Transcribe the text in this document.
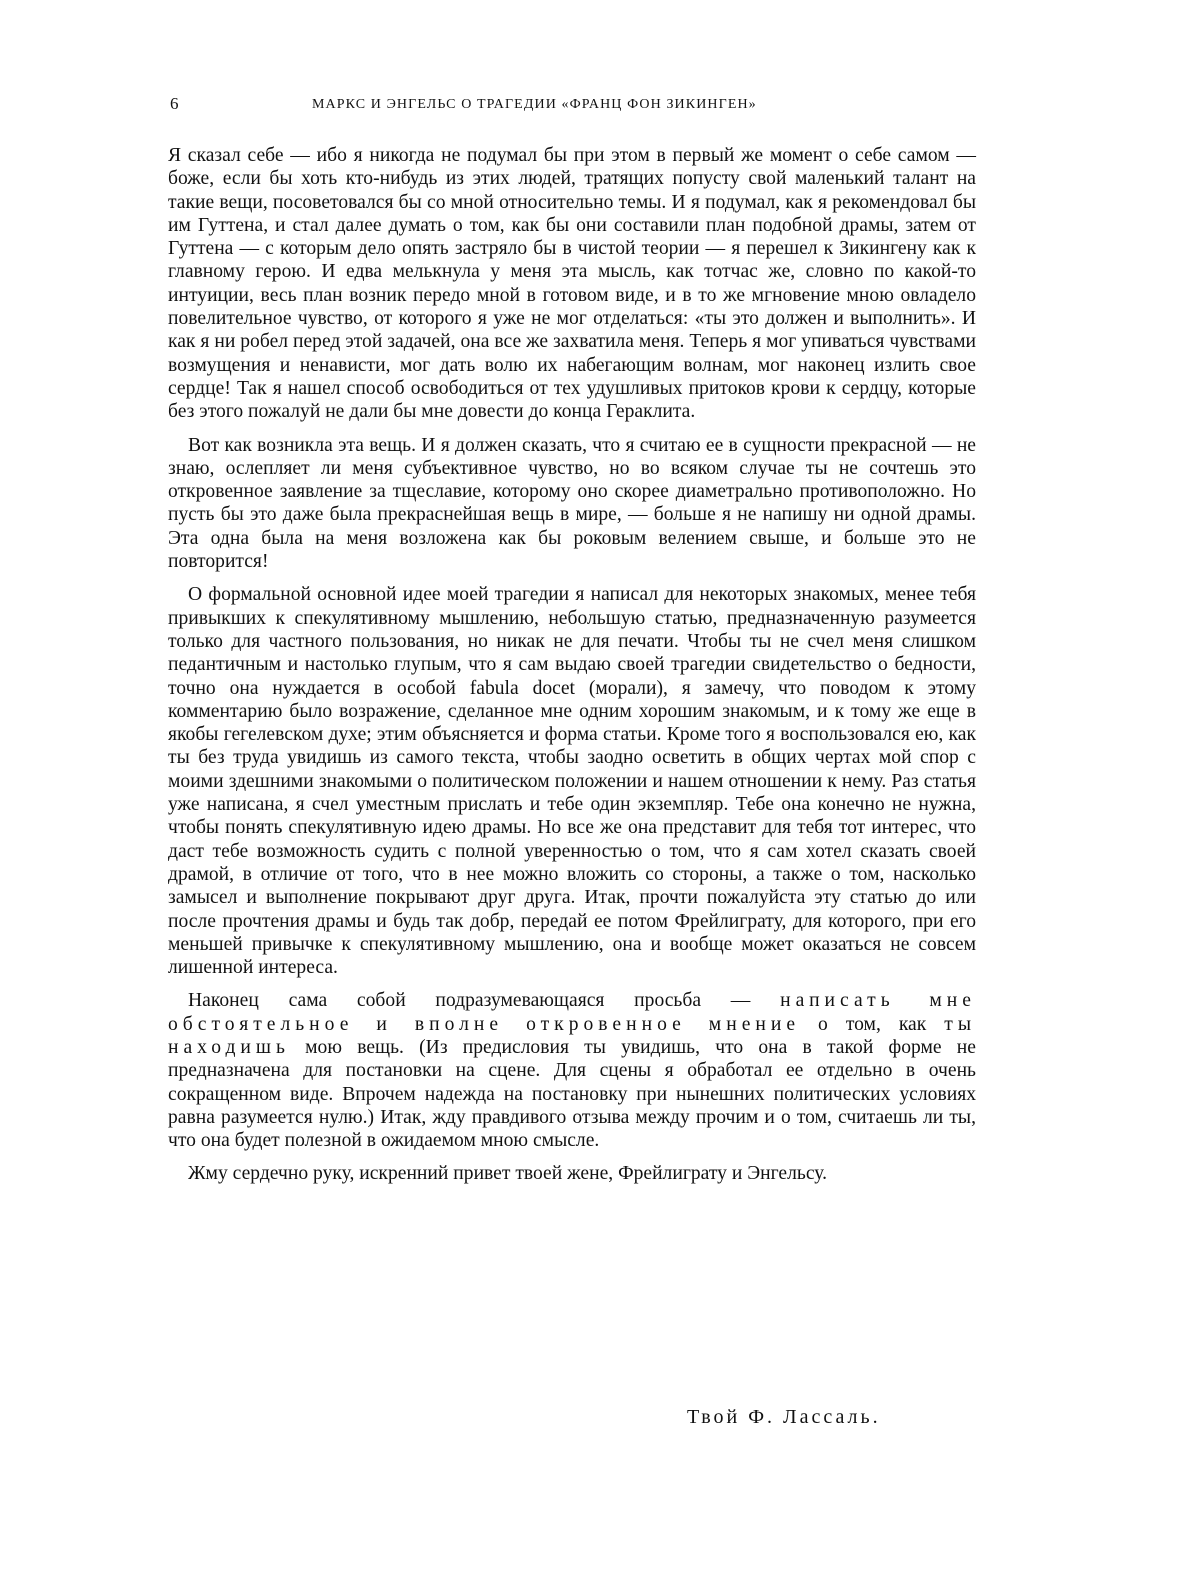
6	МАРКС И ЭНГЕЛЬС О ТРАГЕДИИ «ФРАНЦ ФОН ЗИКИНГЕН»

Я сказал себе — ибо я никогда не подумал бы при этом в первый же момент о себе самом — боже, если бы хоть кто-нибудь из этих людей, тратящих попусту свой маленький талант на такие вещи, посоветовался бы со мной относительно темы. И я подумал, как я рекомендовал бы им Гуттена, и стал далее думать о том, как бы они составили план подобной драмы, затем от Гуттена — с которым дело опять застряло бы в чистой теории — я перешел к Зикингену как к главному герою. И едва мелькнула у меня эта мысль, как тотчас же, словно по какой-то интуиции, весь план возник передо мной в готовом виде, и в то же мгновение мною овладело повелительное чувство, от которого я уже не мог отделаться: «ты это должен и выполнить». И как я ни робел перед этой задачей, она все же захватила меня. Теперь я мог упиваться чувствами возмущения и ненависти, мог дать волю их набегающим волнам, мог наконец излить свое сердце! Так я нашел способ освободиться от тех удушливых притоков крови к сердцу, которые без этого пожалуй не дали бы мне довести до конца Гераклита.

Вот как возникла эта вещь. И я должен сказать, что я считаю ее в сущности прекрасной — не знаю, ослепляет ли меня субъективное чувство, но во всяком случае ты не сочтешь это откровенное заявление за тщеславие, которому оно скорее диаметрально противоположно. Но пусть бы это даже была прекраснейшая вещь в мире, — больше я не напишу ни одной драмы. Эта одна была на меня возложена как бы роковым велением свыше, и больше это не повторится!

О формальной основной идее моей трагедии я написал для некоторых знакомых, менее тебя привыкших к спекулятивному мышлению, небольшую статью, предназначенную разумеется только для частного пользования, но никак не для печати. Чтобы ты не счел меня слишком педантичным и настолько глупым, что я сам выдаю своей трагедии свидетельство о бедности, точно она нуждается в особой fabula docet (морали), я замечу, что поводом к этому комментарию было возражение, сделанное мне одним хорошим знакомым, и к тому же еще в якобы гегелевском духе; этим объясняется и форма статьи. Кроме того я воспользовался ею, как ты без труда увидишь из самого текста, чтобы заодно осветить в общих чертах мой спор с моими здешними знакомыми о политическом положении и нашем отношении к нему. Раз статья уже написана, я счел уместным прислать и тебе один экземпляр. Тебе она конечно не нужна, чтобы понять спекулятивную идею драмы. Но все же она представит для тебя тот интерес, что даст тебе возможность судить с полной уверенностью о том, что я сам хотел сказать своей драмой, в отличие от того, что в нее можно вложить со стороны, а также о том, насколько замысел и выполнение покрывают друг друга. Итак, прочти пожалуйста эту статью до или после прочтения драмы и будь так добр, передай ее потом Фрейлиграту, для которого, при его меньшей привычке к спекулятивному мышлению, она и вообще может оказаться не совсем лишенной интереса.

Наконец сама собой подразумевающаяся просьба — написать мне обстоятельное и вполне откровенное мнение о том, как ты находишь мою вещь. (Из предисловия ты увидишь, что она в такой форме не предназначена для постановки на сцене. Для сцены я обработал ее отдельно в очень сокращенном виде. Впрочем надежда на постановку при нынешних политических условиях равна разумеется нулю.) Итак, жду правдивого отзыва между прочим и о том, считаешь ли ты, что она будет полезной в ожидаемом мною смысле.

Жму сердечно руку, искренний привет твоей жене, Фрейлиграту и Энгельсу.

Твой Ф. Лассаль.
